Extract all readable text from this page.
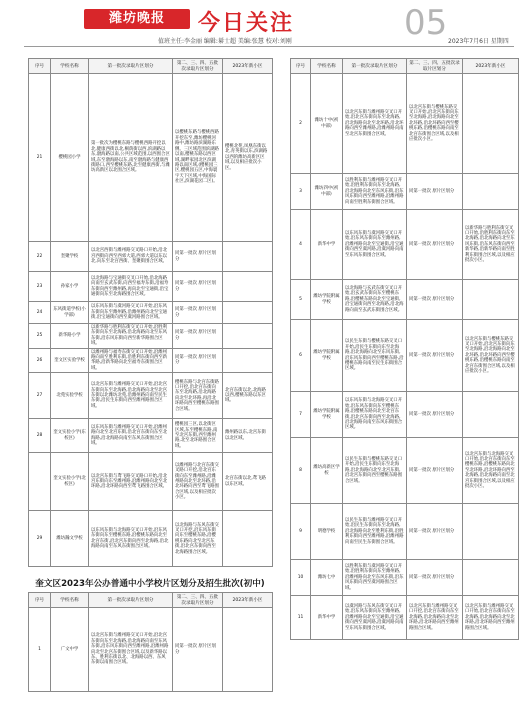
潍坊晚报	今日关注	05
值班主任:李金丽 编辑:綦士超 美编:张慧 校对:刘刚	2023年7月6日 星期四
序号	学校名称	第一批次录取片区划分	第二、三、四、五批次录取片区划分	2023年新小区
21	樱桃园小学	第一批次为樱桃东路与樱桃西路开挖以北,健康西街以北,桐荫街以西,滨湖路以东,渤海路以南,公共区域范围,以西围合区域,东至渤海路以东,南至渤海路与健康西街路口,西至樱桃东路,北至健康西街,与潍坊高新区以北围合区域。	以樱桃东路与樱桃西路开挖东至,潍坊樱桃河路中,潍坊路滨湖路东侧。三区域范围滨湖路以南,樱桃东路以西区域,湖畔家园北区滨湖路以南区域,(樱桃园三区,樱桃园五区,中海寰宇天下区域,中海国际社区,滨湖花园二区)。	樱桃北苑,凤凰东街以北,育英街以东,滨湖路以西的潍坊高新区区域,以及相应批次小区。
22	奎聚学校	以北宫西街与潍州路交叉路口开始,沿北宫西街向西至西郊大道,西郊大道以东以北,向东至北宫西街、奎聚街围合区域。	同第一批次 原片区划分	
23	孙家小学	以北海路与宝通街交叉口开始,沿北海路向南至玄武东街,向西至福寿东街,沿福寿东街向西至潍州路,再向北至宝通街,沿宝通街向东至北海路围合区域。	同第一批次 原片区划分	
24	东风街道学校(小学部)	以东风东街与虞河路交叉口开始,沿东风东街向东至潍州路,沿潍州路向北至宝通街,沿宝通街向西至虞河路围合区域。	同第一批次 原片区划分	
25	新华路小学	以新华路与胜利东街交叉口开始,沿胜利东街向东至北海路,沿北海路向北至东风东街,沿东风东街向西至新华路围合区域。	同第一批次 原片区划分	
26	奎文区实验学校	以潍州路与福寿东街交叉口开始,沿潍州路向南至胜利东街,沿胜利东街向西至新华路,沿新华路向北至福寿东街围合区域。	同第一批次 原片区划分	
27	北苑实验学校	以北宫东街与潍州路交叉口开始,沿北宫东街向东至北海路,沿北海路向北至北宫东街以北潍坊北苑,沿潍州路向南至民生东街,沿民生东街向西至潍州路围合区域。	樱桃东路与北宫东街路口开挖,沿北宫东街向东至北海路,沿北海路向北至北环路,再沿北环路向西至樱桃东路围合区域。	北宫东街以北,北海路以西,樱桃东路以东区域。
28	奎文实验小学(东校区)	以东风东街与潍州路交叉口开始,沿潍州路向北至北宫东街,沿北宫东街向东至北海路,沿北海路向南至东风东街围合区域。	樱桃园三区,以北街区区域,东至樱桃东路,南至北宫东街,西至潍州路,北至北环路围合区域。	潍州路以东,北宫东街以北区域。
	奎文实验小学(北校区)	以北宫东街与鸢飞路交叉路口开始,沿北宫东街向东至潍州路,沿潍州路向北至北环路,沿北环路向西至鸢飞路围合区域。	以潍州路与北宫东街交叉路口开挖,沿北宫东街向东至潍州路,沿潍州路向北至北环路,沿北环路向西至鸢飞路围合区域,以及相应批次小区。	北宫东街以北,鸢飞路以东区域。
29	潍坊瀚文学校	以东风东街与北海路交叉口开始,沿东风东街向东至樱桃东路,沿樱桃东路向北至北宫东街,沿北宫东街向西至北海路,沿北海路向南至东风东街围合区域。	以北海路与东风东街交叉口开挖,沿东风东街向东至樱桃东路,沿樱桃东路向北至北宫东街,沿北宫东街向西至北海路围合区域。	
奎文区2023年公办普通中小学校片区划分及招生批次(初中)
序号	学校名称	第一批次录取片区划分	第二、三、四、五批次录取片区划分	2023年新小区
1	广文中学	以北宫东街与潍州路交叉口开始,沿北宫东街向东至北海路,沿北海路向南至东风东街,沿东风东街向西至潍州路,沿潍州路向北至北宫东街围合区域,以及新华路以东、胜利东街以北、北海路以西、东风东街以南围合区域。	同第一批次 原片区划分	
序号	学校名称	第一批次录取片区划分	第二、三、四、五批次录取片区划分	2023年新小区
2	潍坊十中(初中部)	以北宫东街与潍州路交叉口开始,沿北宫东街向东至北海路,沿北海路向北至北环路,沿北环路向西至潍州路,沿潍州路向南至北宫东街围合区域。	以北宫东街与樱桃东路交叉口开始,沿北宫东街向东至北海路,沿北海路向北至北环路,沿北环路向西至樱桃东路,沿樱桃东路向南至北宫东街围合区域,以及相应批次小区。	
3	潍坊四中(初中部)	以胜利东街与潍州路交叉口开始,沿胜利东街向东至北海路,沿北海路向北至东风东街,沿东风东街向西至潍州路,沿潍州路向南至胜利东街围合区域。	同第一批次 原片区划分	
4	新华中学	以东风东街与虞河路交叉口开始,沿东风东街向东至潍州路,沿潍州路向北至宝通街,沿宝通街向西至虞河路,沿虞河路向南至东风东街围合区域。	同第一批次 原片区划分	以新华路与胜利东街交叉口开始,沿胜利东街向东至北海路,沿北海路向北至东风东街,沿东风东街向西至新华路,沿新华路向南至胜利东街围合区域,以及相应批次小区。
5	潍坊学院附属学校	以北海路与玄武东街交叉口开始,沿玄武东街向东至樱桃东路,沿樱桃东路向北至宝通街,沿宝通街向西至北海路,沿北海路向南至玄武东街围合区域。	同第一批次 原片区划分	
6	潍坊学院附属学校	以民生东街与樱桃东路交叉口开始,沿民生东街向东至北海路,沿北海路向北至东风东街,沿东风东街向西至樱桃东路,沿樱桃东路向南至民生东街围合区域。	同第一批次 原片区划分	以北宫东街与樱桃东路交叉口开始,沿北宫东街向东至北海路,沿北海路向北至北环路,沿北环路向西至樱桃东路,沿樱桃东路向南至北宫东街围合区域,以及相应批次小区。
7	潍坊学院附属学校	以东风东街与北海路交叉口开始,沿东风东街向东至樱桃东路,沿樱桃东路向北至北宫东街,沿北宫东街向西至北海路,沿北海路向南至东风东街围合区域。	同第一批次 原片区划分	
8	潍坊高新区学校	以民生东街与樱桃东路交叉口开始,沿民生东街向东至北海路,沿北海路向北至北宫东街,沿北宫东街向西至樱桃东路围合区域。	同第一批次 原片区划分	以北宫东街与北海路交叉口开始,沿北宫东街向东至樱桃东路,沿樱桃东路向北至北环路,沿北环路向西至北海路,沿北海路向南至北宫东街围合区域,以及相应批次小区。
9	明德学校	以民生东街与潍州路交叉口开始,沿民生东街向东至北海路,沿北海路向北至胜利东街,沿胜利东街向西至潍州路,沿潍州路向南至民生东街围合区域。	同第一批次 原片区划分	
10	潍坊七中	以胜利东街与虞河路交叉口开始,沿胜利东街向东至潍州路,沿潍州路向北至东风东街,沿东风东街向西至虞河路围合区域。	同第一批次 原片区划分	
11	新华中学	以虞河路与东风东街交叉口开始,沿东风东街向东至潍州路,沿潍州路向北至宝通街,沿宝通街向西至虞河路,沿虞河路向南至东风东街围合区域。	以北宫东街与潍州路交叉口开挖,沿北宫东街向东至北海路,沿北海路向北至北环路,沿北环路向西至潍州路围合区域。	以北宫东街与潍州路交叉口开始,沿北宫东街向东至北海路,沿北海路向北至北环路,沿北环路向西至潍州路围合区域。
